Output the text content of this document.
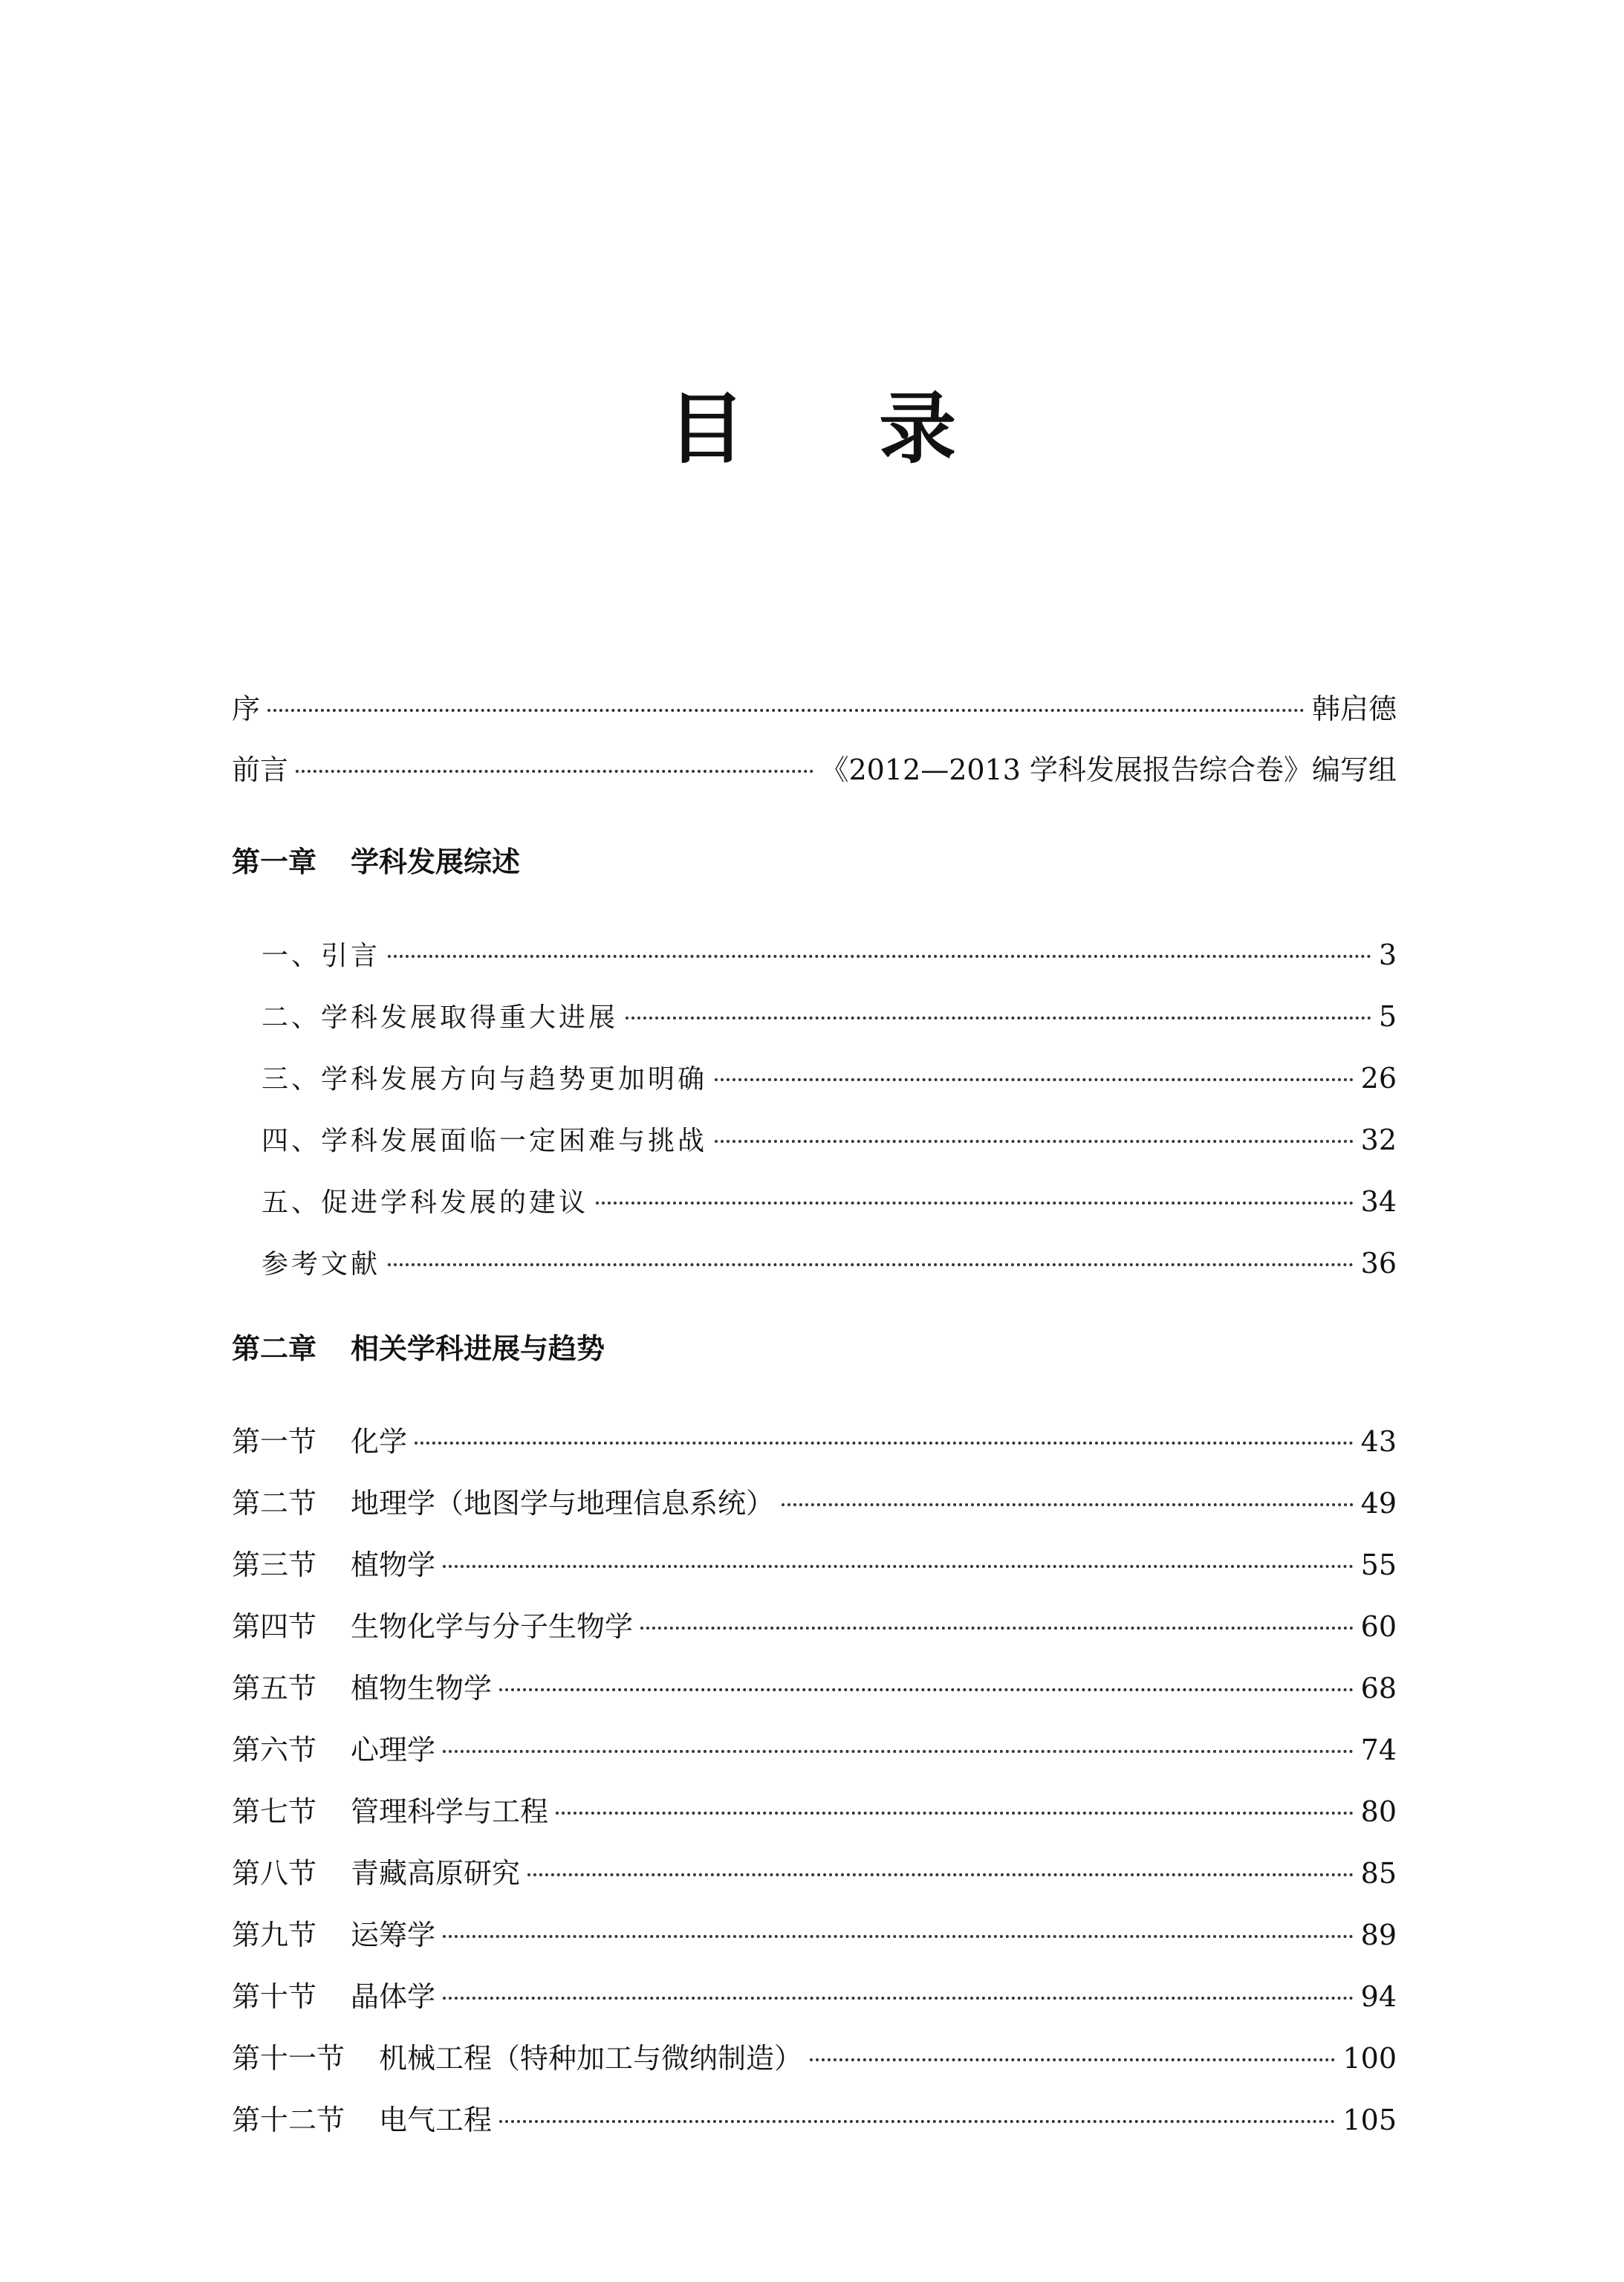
目 录
序	韩启德
前言	《2012—2013 学科发展报告综合卷》编写组
第一章 学科发展综述
一、引言	3
二、学科发展取得重大进展	5
三、学科发展方向与趋势更加明确	26
四、学科发展面临一定困难与挑战	32
五、促进学科发展的建议	34
参考文献	36
第二章 相关学科进展与趋势
第一节 化学	43
第二节 地理学（地图学与地理信息系统）	49
第三节 植物学	55
第四节 生物化学与分子生物学	60
第五节 植物生物学	68
第六节 心理学	74
第七节 管理科学与工程	80
第八节 青藏高原研究	85
第九节 运筹学	89
第十节 晶体学	94
第十一节 机械工程（特种加工与微纳制造）	100
第十二节 电气工程	105
